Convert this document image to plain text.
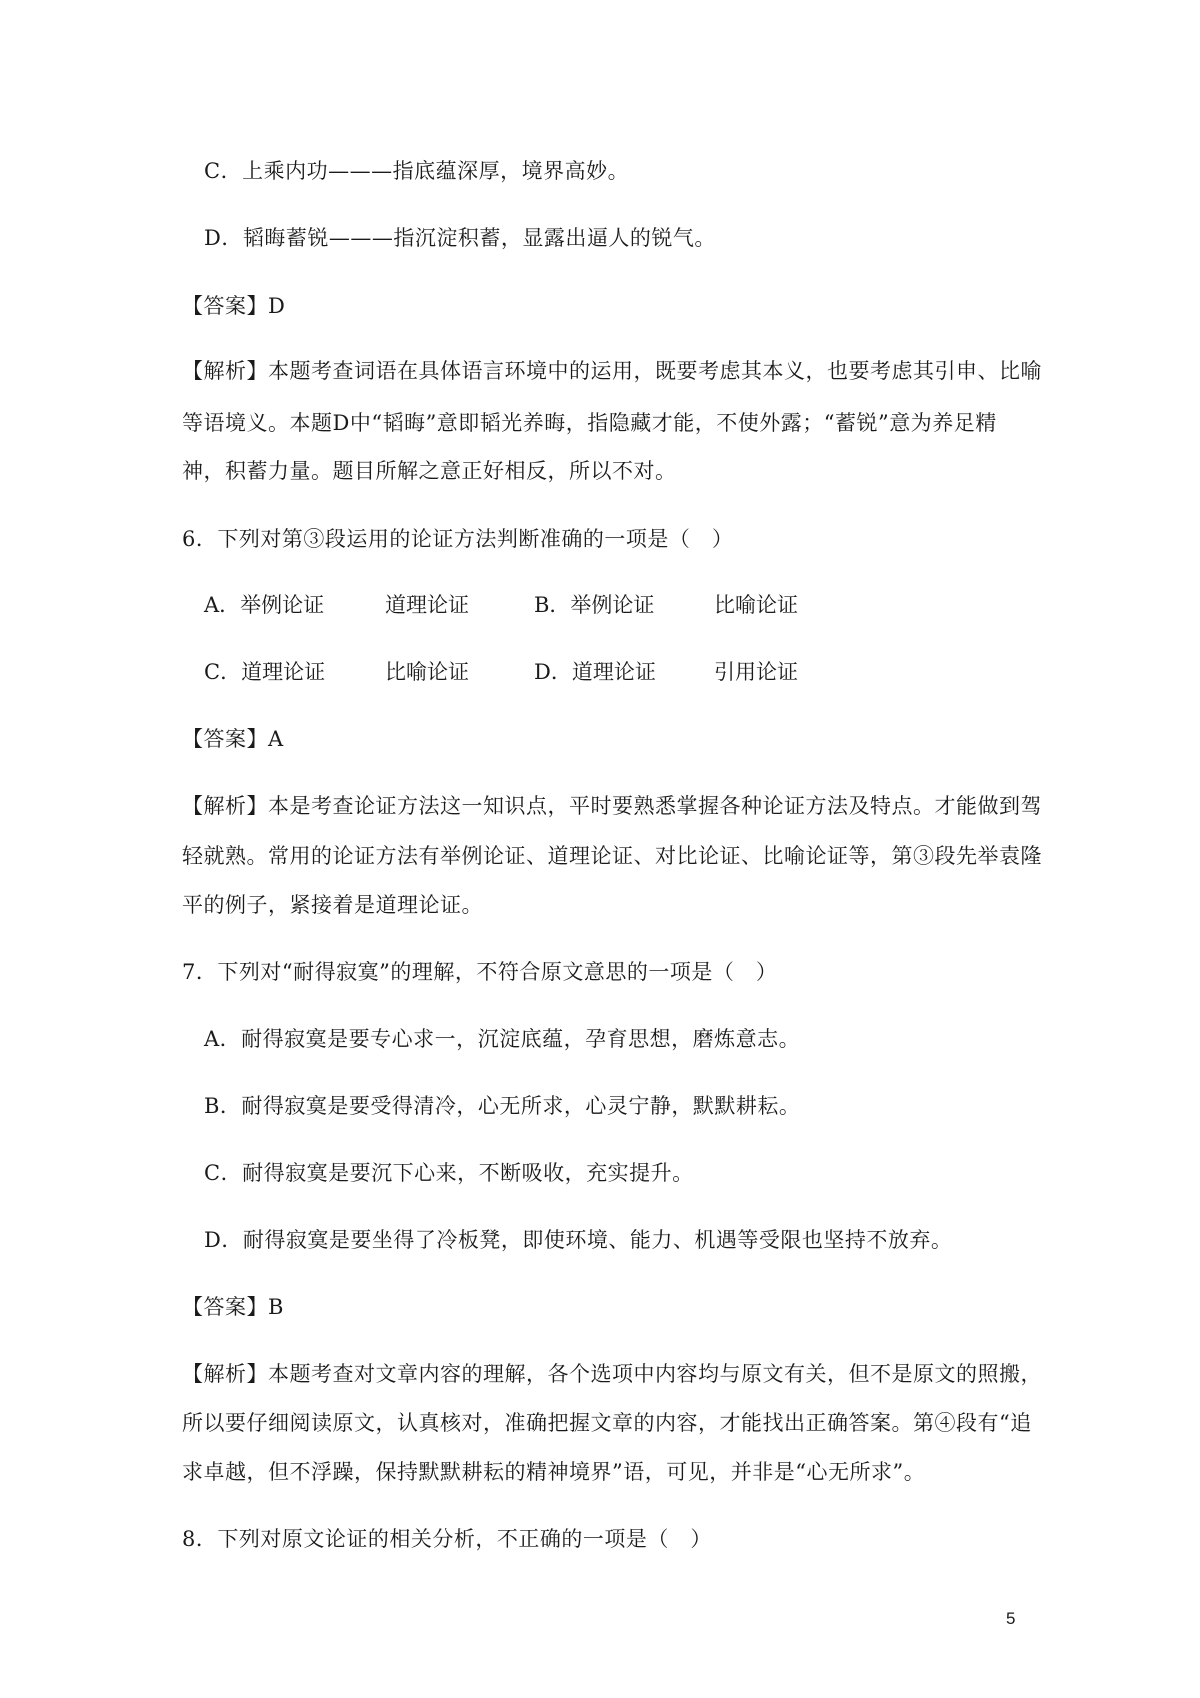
C．上乘内功———指底蕴深厚，境界高妙。
D．韬晦蓄锐———指沉淀积蓄，显露出逼人的锐气。
【答案】D
【解析】本题考查词语在具体语言环境中的运用，既要考虑其本义，也要考虑其引申、比喻
等语境义。本题D中“韬晦”意即韬光养晦，指隐藏才能，不使外露；“蓄锐”意为养足精
神，积蓄力量。题目所解之意正好相反，所以不对。
6．下列对第③段运用的论证方法判断准确的一项是（　）
A．举例论证	道理论证	B．举例论证	比喻论证
C．道理论证	比喻论证	D．道理论证	引用论证
【答案】A
【解析】本是考查论证方法这一知识点，平时要熟悉掌握各种论证方法及特点。才能做到驾
轻就熟。常用的论证方法有举例论证、道理论证、对比论证、比喻论证等，第③段先举袁隆
平的例子，紧接着是道理论证。
7．下列对“耐得寂寞”的理解，不符合原文意思的一项是（　）
A．耐得寂寞是要专心求一，沉淀底蕴，孕育思想，磨炼意志。
B．耐得寂寞是要受得清冷，心无所求，心灵宁静，默默耕耘。
C．耐得寂寞是要沉下心来，不断吸收，充实提升。
D．耐得寂寞是要坐得了冷板凳，即使环境、能力、机遇等受限也坚持不放弃。
【答案】B
【解析】本题考查对文章内容的理解，各个选项中内容均与原文有关，但不是原文的照搬，
所以要仔细阅读原文，认真核对，准确把握文章的内容，才能找出正确答案。第④段有“追
求卓越，但不浮躁，保持默默耕耘的精神境界”语，可见，并非是“心无所求”。
8．下列对原文论证的相关分析，不正确的一项是（　）
5
